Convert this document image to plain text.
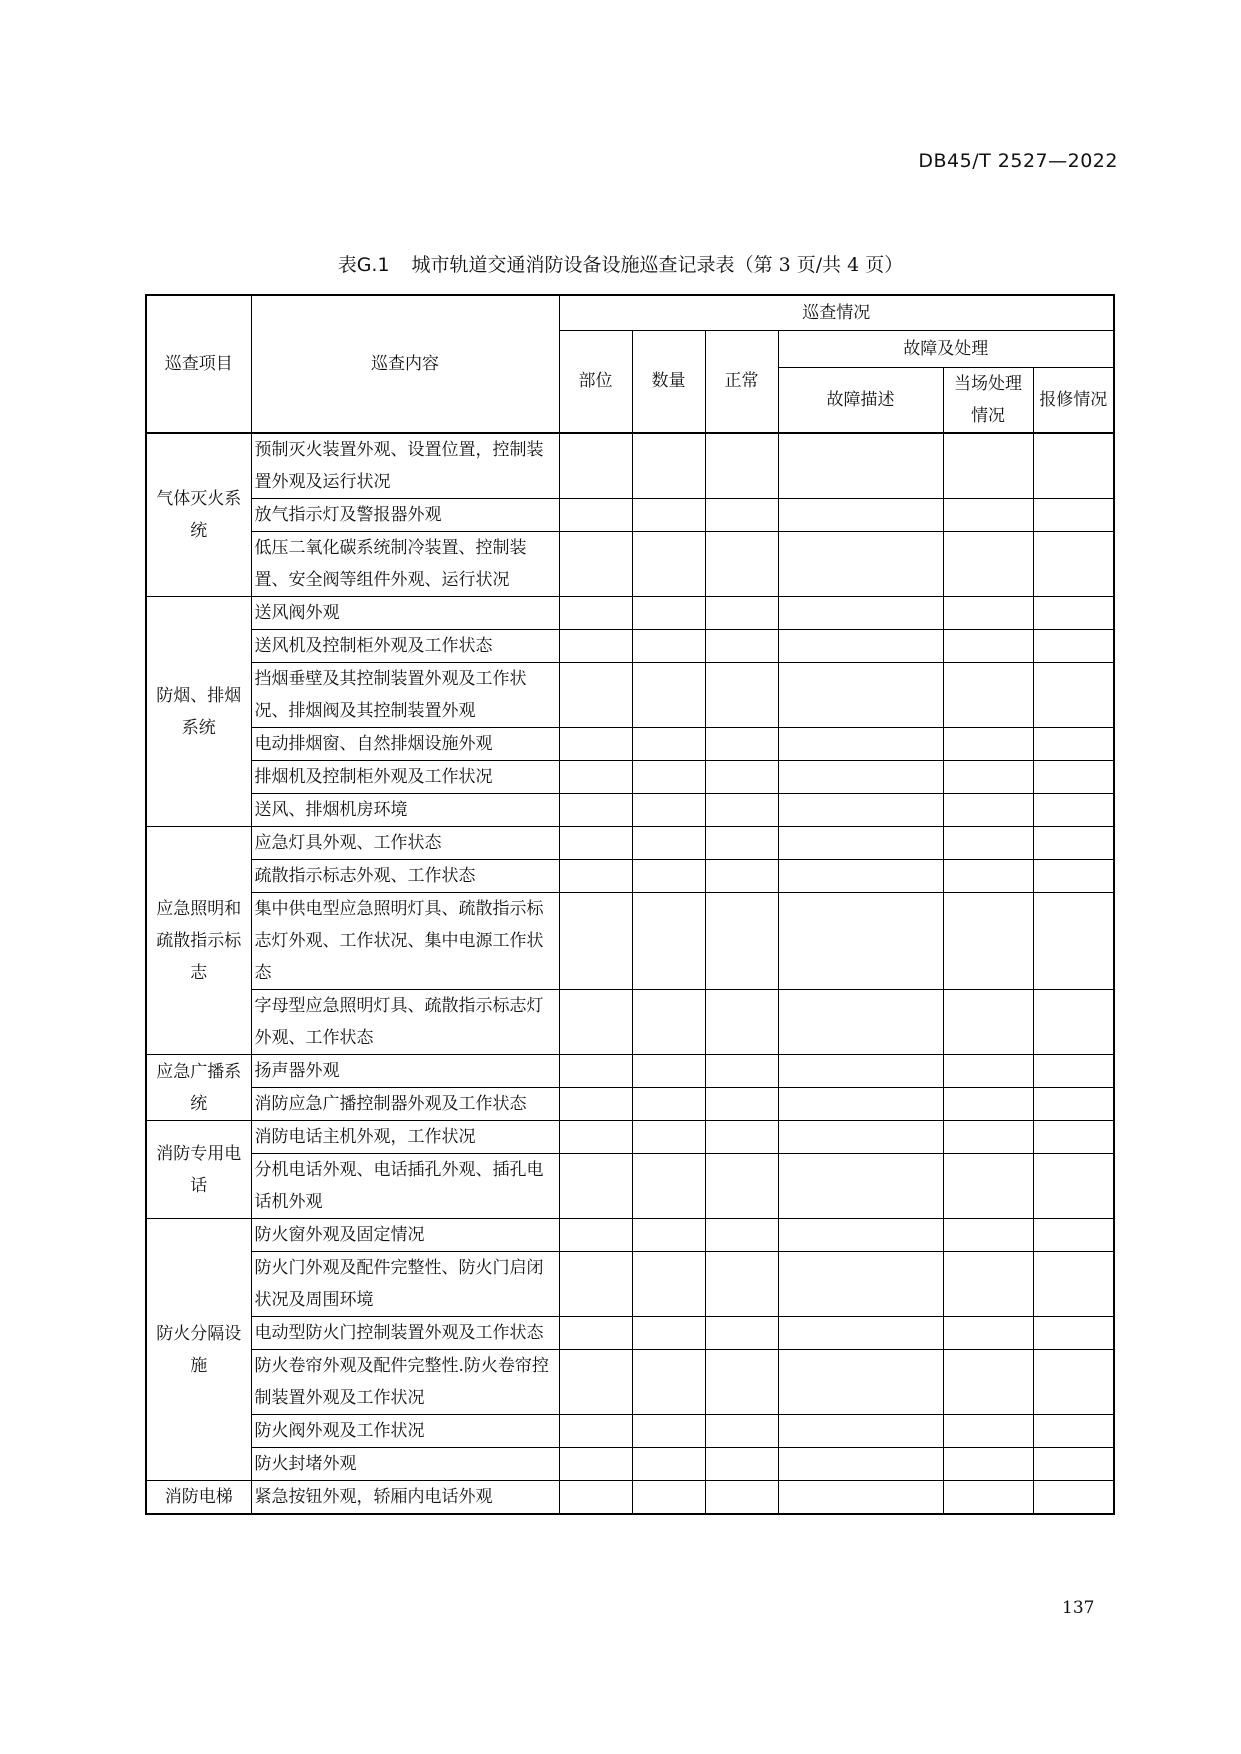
DB45/T 2527—2022
表G.1 城市轨道交通消防设备设施巡查记录表（第 3 页/共 4 页）
巡查项目	巡查内容	巡查情况					
		部位	数量	正常	故障及处理		
					故障描述	当场处理情况	报修情况
气体灭火系统	预制灭火装置外观、设置位置，控制装置外观及运行状况						
	放气指示灯及警报器外观						
	低压二氧化碳系统制冷装置、控制装置、安全阀等组件外观、运行状况						
防烟、排烟系统	送风阀外观						
	送风机及控制柜外观及工作状态						
	挡烟垂壁及其控制装置外观及工作状况、排烟阀及其控制装置外观						
	电动排烟窗、自然排烟设施外观						
	排烟机及控制柜外观及工作状况						
	送风、排烟机房环境						
应急照明和疏散指示标志	应急灯具外观、工作状态						
	疏散指示标志外观、工作状态						
	集中供电型应急照明灯具、疏散指示标志灯外观、工作状况、集中电源工作状态						
	字母型应急照明灯具、疏散指示标志灯外观、工作状态						
应急广播系统	扬声器外观						
	消防应急广播控制器外观及工作状态						
消防专用电话	消防电话主机外观，工作状况						
	分机电话外观、电话插孔外观、插孔电话机外观						
防火分隔设施	防火窗外观及固定情况						
	防火门外观及配件完整性、防火门启闭状况及周围环境						
	电动型防火门控制装置外观及工作状态						
	防火卷帘外观及配件完整性.防火卷帘控制装置外观及工作状况						
	防火阀外观及工作状况						
	防火封堵外观						
消防电梯	紧急按钮外观，轿厢内电话外观						
137
